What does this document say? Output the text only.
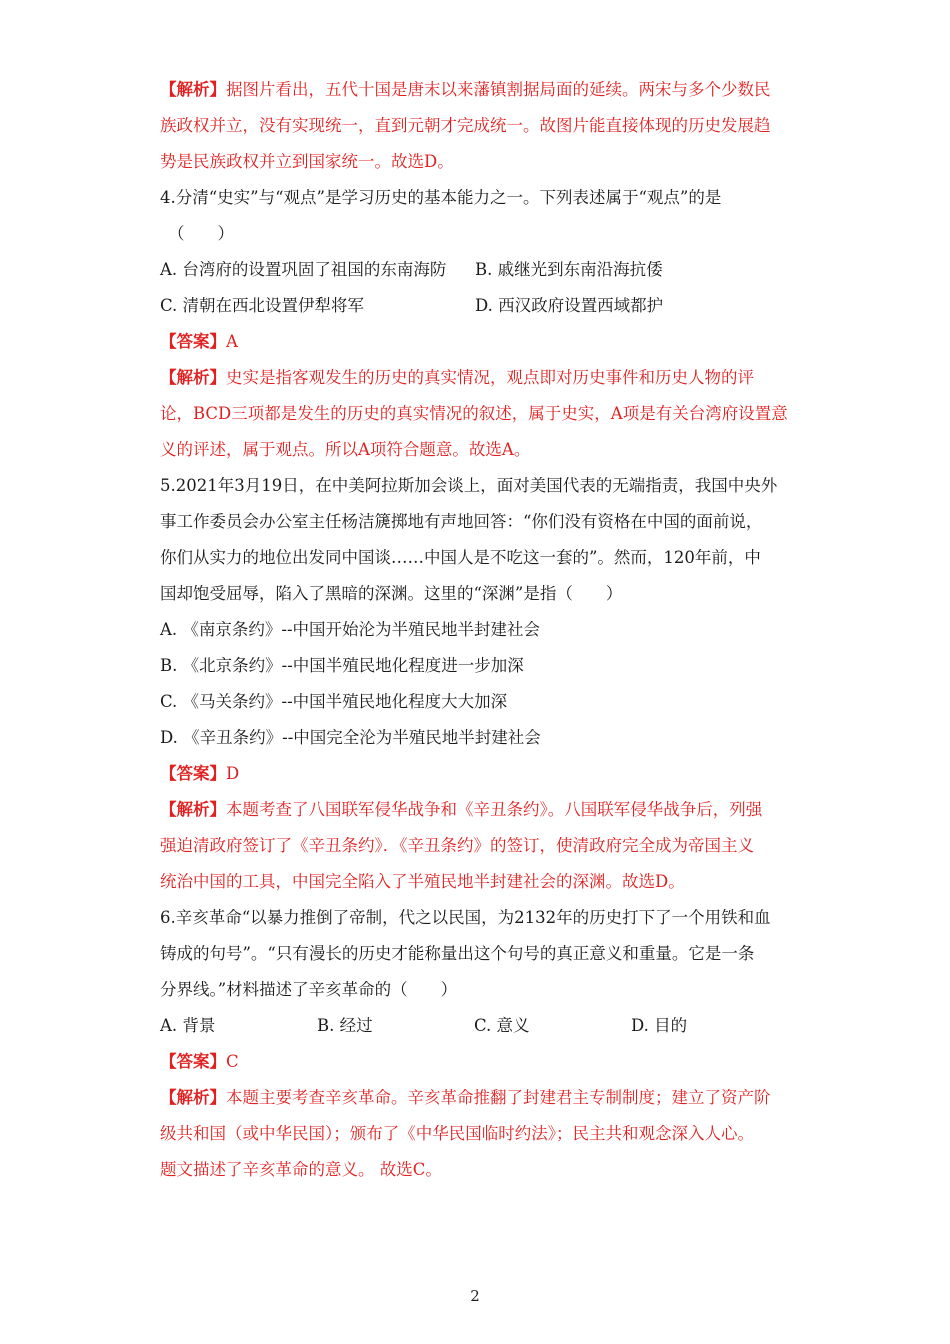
【解析】据图片看出，五代十国是唐末以来藩镇割据局面的延续。两宋与多个少数民
族政权并立，没有实现统一，直到元朝才完成统一。故图片能直接体现的历史发展趋
势是民族政权并立到国家统一。故选D。
4.分清“史实”与“观点”是学习历史的基本能力之一。下列表述属于“观点”的是
（　　）
A. 台湾府的设置巩固了祖国的东南海防	B. 戚继光到东南沿海抗倭
C. 清朝在西北设置伊犁将军	D. 西汉政府设置西域都护
【答案】A
【解析】史实是指客观发生的历史的真实情况，观点即对历史事件和历史人物的评
论，BCD三项都是发生的历史的真实情况的叙述，属于史实，A项是有关台湾府设置意
义的评述，属于观点。所以A项符合题意。故选A。
5.2021年3月19日，在中美阿拉斯加会谈上，面对美国代表的无端指责，我国中央外
事工作委员会办公室主任杨洁篪掷地有声地回答：“你们没有资格在中国的面前说，
你们从实力的地位出发同中国谈……中国人是不吃这一套的”。然而，120年前，中
国却饱受屈辱，陷入了黑暗的深渊。这里的“深渊”是指（　　）
A. 《南京条约》--中国开始沦为半殖民地半封建社会
B. 《北京条约》--中国半殖民地化程度进一步加深
C. 《马关条约》--中国半殖民地化程度大大加深
D. 《辛丑条约》--中国完全沦为半殖民地半封建社会
【答案】D
【解析】本题考查了八国联军侵华战争和《辛丑条约》。八国联军侵华战争后，列强
强迫清政府签订了《辛丑条约》．《辛丑条约》的签订，使清政府完全成为帝国主义
统治中国的工具，中国完全陷入了半殖民地半封建社会的深渊。故选D。
6.辛亥革命“以暴力推倒了帝制，代之以民国，为2132年的历史打下了一个用铁和血
铸成的句号”。“只有漫长的历史才能称量出这个句号的真正意义和重量。它是一条
分界线。”材料描述了辛亥革命的（　　）
A. 背景	B. 经过	C. 意义	D. 目的
【答案】C
【解析】本题主要考查辛亥革命。辛亥革命推翻了封建君主专制制度；建立了资产阶
级共和国（或中华民国）；颁布了《中华民国临时约法》；民主共和观念深入人心。
题文描述了辛亥革命的意义。 故选C。
2
